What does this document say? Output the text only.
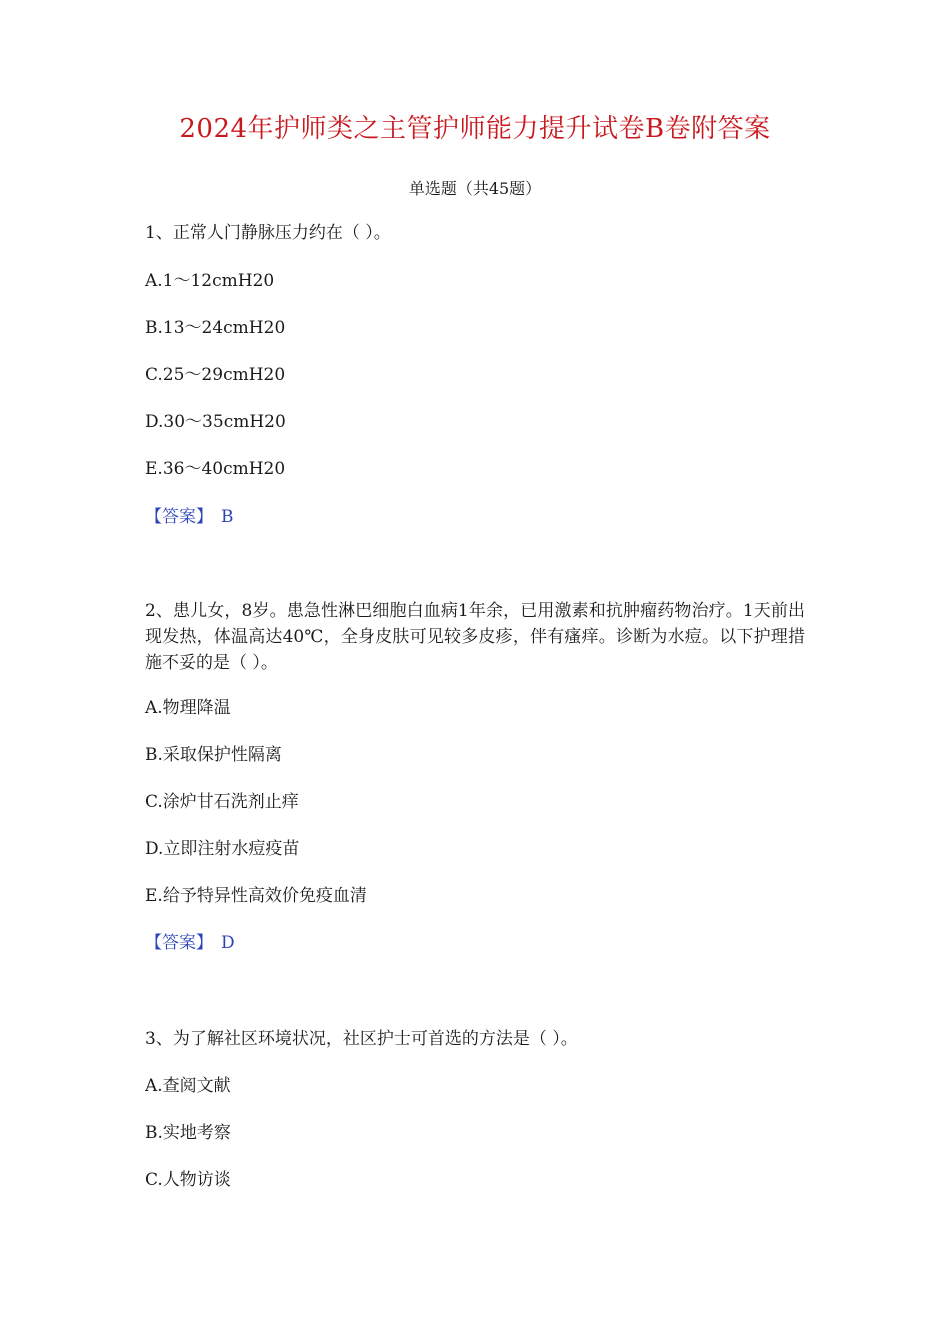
2024年护师类之主管护师能力提升试卷B卷附答案
单选题（共45题）
1、正常人门静脉压力约在（ ）。
A.1～12cmH20
B.13～24cmH20
C.25～29cmH20
D.30～35cmH20
E.36～40cmH20
【答案】 B
2、患儿女，8岁。患急性淋巴细胞白血病1年余，已用激素和抗肿瘤药物治疗。1天前出现发热，体温高达40℃，全身皮肤可见较多皮疹，伴有瘙痒。诊断为水痘。以下护理措施不妥的是（ ）。
A.物理降温
B.采取保护性隔离
C.涂炉甘石洗剂止痒
D.立即注射水痘疫苗
E.给予特异性高效价免疫血清
【答案】 D
3、为了解社区环境状况，社区护士可首选的方法是（ ）。
A.查阅文献
B.实地考察
C.人物访谈
